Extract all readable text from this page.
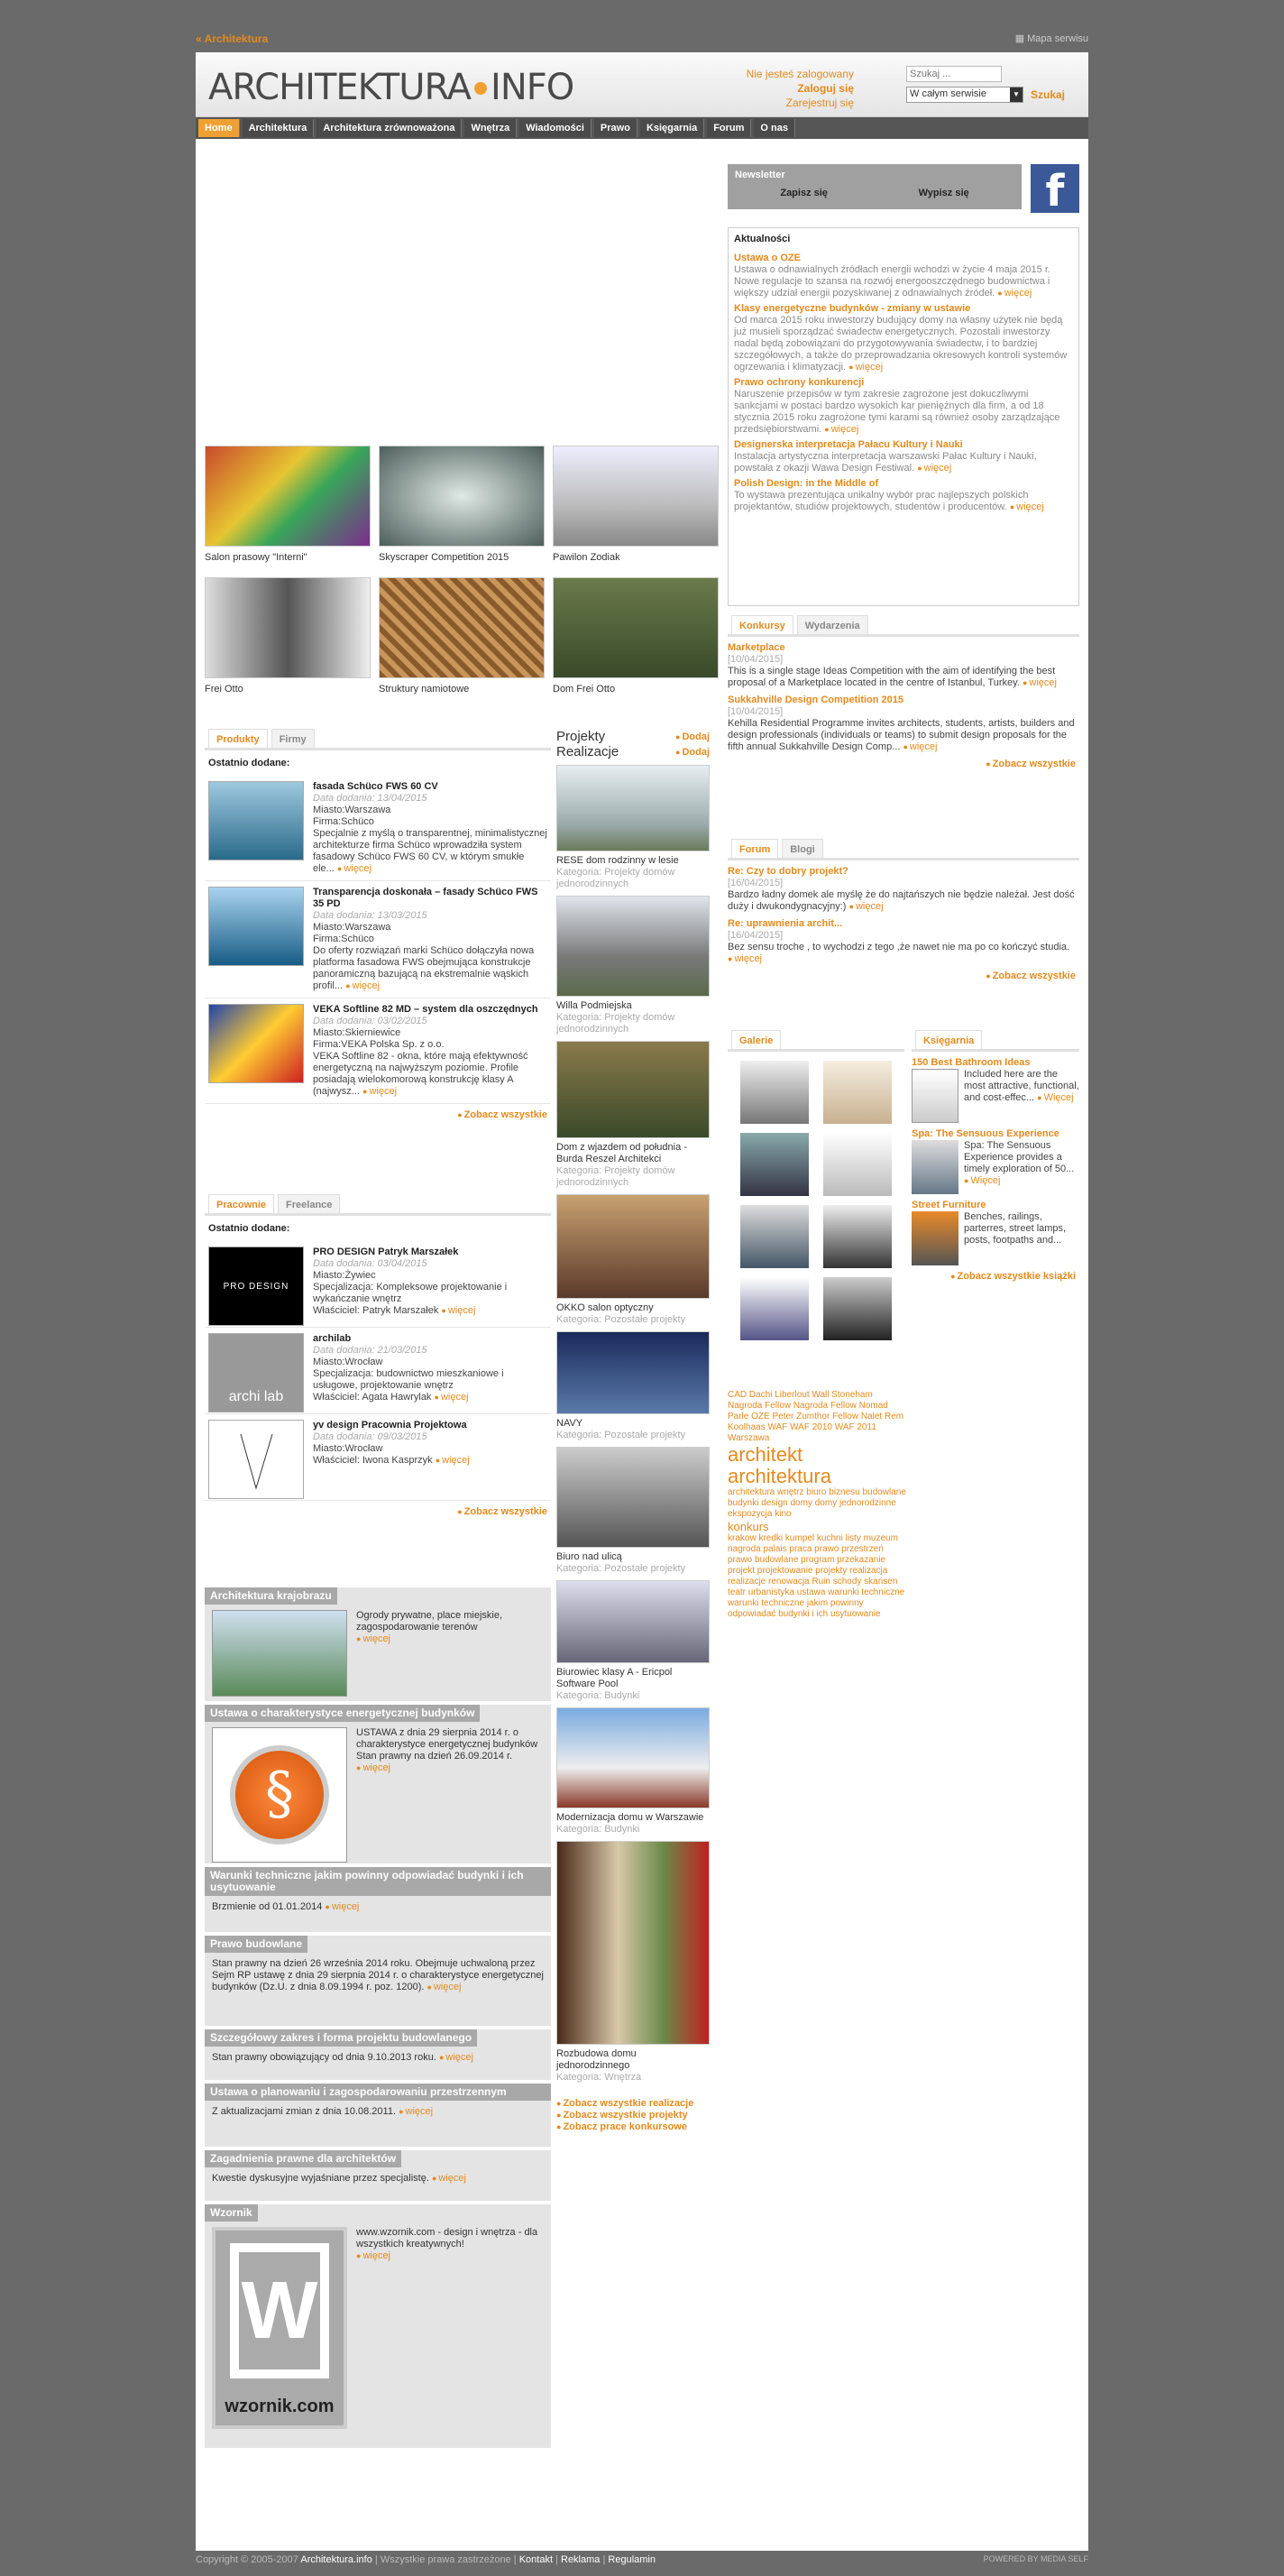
« Architektura	▦ Mapa serwisu
ARCHITEKTURA INFO	Nie jesteś zalogowany
Zaloguj się
Zarejestruj się
Szukaj ...
W całym serwisie	▼ Szukaj
Home	Architektura	Architektura zrównoważona	Wnętrza	Wiadomości	Prawo	Księgarnia	Forum	O nas
Salon prasowy "Interni"	Skyscraper Competition 2015	Pawilon Zodiak
Frei Otto	Struktury namiotowe	Dom Frei Otto
Produkty	Firmy
Ostatnio dodane:
fasada Schüco FWS 60 CV
Data dodania: 13/04/2015
Miasto:Warszawa
Firma:Schüco
Specjalnie z myślą o transparentnej, minimalistycznej architekturze firma Schüco wprowadziła system fasadowy Schüco FWS 60 CV, w którym smukłe ele... ● więcej
Transparencja doskonała – fasady Schüco FWS 35 PD
Data dodania: 13/03/2015
Miasto:Warszawa
Firma:Schüco
Do oferty rozwiązań marki Schüco dołączyła nowa platforma fasadowa FWS obejmująca konstrukcje panoramiczną bazującą na ekstremalnie wąskich profil... ● więcej
VEKA Softline 82 MD – system dla oszczędnych
Data dodania: 03/02/2015
Miasto:Skierniewice
Firma:VEKA Polska Sp. z o.o.
VEKA Softline 82 - okna, które mają efektywność energetyczną na najwyższym poziomie. Profile posiadają wielokomorową konstrukcję klasy A (najwysz... ● więcej
● Zobacz wszystkie
Pracownie	Freelance
Ostatnio dodane:
PRO DESIGN
PRO DESIGN Patryk Marszałek
Data dodania: 03/04/2015
Miasto:Żywiec
Specjalizacja: Kompleksowe projektowanie i wykańczanie wnętrz
Właściciel: Patryk Marszałek ● więcej
archi lab
archilab
Data dodania: 21/03/2015
Miasto:Wrocław
Specjalizacja: budownictwo mieszkaniowe i usługowe, projektowanie wnętrz
Właściciel: Agata Hawrylak ● więcej
yv design Pracownia Projektowa
Data dodania: 09/03/2015
Miasto:Wrocław
Właściciel: Iwona Kasprzyk ● więcej
● Zobacz wszystkie
Architektura krajobrazu
Ogrody prywatne, place miejskie, zagospodarowanie terenów
● więcej
Ustawa o charakterystyce energetycznej budynków
§
USTAWA z dnia 29 sierpnia 2014 r. o charakterystyce energetycznej budynków Stan prawny na dzień 26.09.2014 r. ● więcej
Warunki techniczne jakim powinny odpowiadać budynki i ich usytuowanie
Brzmienie od 01.01.2014 ● więcej
Prawo budowlane
Stan prawny na dzień 26 września 2014 roku. Obejmuje uchwaloną przez Sejm RP ustawę z dnia 29 sierpnia 2014 r. o charakterystyce energetycznej budynków (Dz.U. z dnia 8.09.1994 r. poz. 1200). ● więcej
Szczegółowy zakres i forma projektu budowlanego
Stan prawny obowiązujący od dnia 9.10.2013 roku. ● więcej
Ustawa o planowaniu i zagospodarowaniu przestrzennym
Z aktualizacjami zmian z dnia 10.08.2011. ● więcej
Zagadnienia prawne dla architektów
Kwestie dyskusyjne wyjaśniane przez specjalistę. ● więcej
Wzornik
W
wzornik.com
www.wzornik.com - design i wnętrza - dla wszystkich kreatywnych!
● więcej
Projekty	● Dodaj
Realizacje	● Dodaj
RESE dom rodzinny w lesie
Kategoria: Projekty domów jednorodzinnych
Willa Podmiejska
Kategoria: Projekty domów jednorodzinnych
Dom z wjazdem od południa -Burda Reszel Architekci
Kategoria: Projekty domów jednorodzinnych
OKKO salon optyczny
Kategoria: Pozostałe projekty
NAVY
Kategoria: Pozostałe projekty
Biuro nad ulicą
Kategoria: Pozostałe projekty
Biurowiec klasy A - Ericpol Software Pool
Kategoria: Budynki
Modernizacja domu w Warszawie
Kategoria: Budynki
Rozbudowa domu jednorodzinnego
Kategoria: Wnętrza
● Zobacz wszystkie realizacje
● Zobacz wszystkie projekty
● Zobacz prace konkursowe
Newsletter
Zapisz się	Wypisz się	f
Aktualności
Ustawa o OZE
Ustawa o odnawialnych źródłach energii wchodzi w życie 4 maja 2015 r. Nowe regulacje to szansa na rozwój energooszczędnego budownictwa i większy udział energii pozyskiwanej z odnawialnych źródeł. ● więcej
Klasy energetyczne budynków - zmiany w ustawie
Od marca 2015 roku inwestorzy budujący domy na własny użytek nie będą już musieli sporządzać świadectw energetycznych. Pozostali inwestorzy nadal będą zobowiązani do przygotowywania świadectw, i to bardziej szczegółowych, a także do przeprowadzania okresowych kontroli systemów ogrzewania i klimatyzacji. ● więcej
Prawo ochrony konkurencji
Naruszenie przepisów w tym zakresie zagrożone jest dokuczliwymi sankcjami w postaci bardzo wysokich kar pieniężnych dla firm, a od 18 stycznia 2015 roku zagrożone tymi karami są również osoby zarządzające przedsiębiorstwami. ● więcej
Designerska interpretacja Pałacu Kultury i Nauki
Instalacja artystyczna interpretacja warszawski Pałac Kultury i Nauki, powstała z okazji Wawa Design Festiwal. ● więcej
Polish Design: in the Middle of
To wystawa prezentująca unikalny wybór prac najlepszych polskich projektantów, studiów projektowych, studentów i producentów. ● więcej
Konkursy	Wydarzenia
Marketplace
[10/04/2015]
This is a single stage Ideas Competition with the aim of identifying the best proposal of a Marketplace located in the centre of Istanbul, Turkey. ● więcej
Sukkahville Design Competition 2015
[10/04/2015]
Kehilla Residential Programme invites architects, students, artists, builders and design professionals (individuals or teams) to submit design proposals for the fifth annual Sukkahville Design Comp... ● więcej
● Zobacz wszystkie
Forum	Blogi
Re: Czy to dobry projekt?
[16/04/2015]
Bardzo ładny domek ale myślę że do najtańszych nie będzie należał. Jest dość duży i dwukondygnacyjny:) ● więcej
Re: uprawnienia archit...
[16/04/2015]
Bez sensu troche , to wychodzi z tego ,że nawet nie ma po co kończyć studia. ● więcej
● Zobacz wszystkie
Galerie	Księgarnia
150 Best Bathroom Ideas
Included here are the most attractive, functional, and cost-effec... ● Więcej
Spa: The Sensuous Experience
Spa: The Sensuous Experience provides a timely exploration of 50... ● Więcej
Street Furniture
Benches, railings, parterres, street lamps, posts, footpaths and...
● Zobacz wszystkie książki
CAD Dachi Liberlout Wall Stoneham Nagroda Fellow Nagroda Fellow Nomad Parle OZE Peter Zumthor Fellow Nalet Rem Koolhaas WAF WAF 2010 WAF 2011 Warszawa
architekt
architektura
architektura wnętrz biuro biznesu budowlane budynki design domy domy jednorodzinne ekspozycja kino
konkurs
krakow kredki kumpel kuchni listy muzeum nagroda palais praca prawo przestrzeń prawo budowlane program przekazanie projekt projektowanie projekty realizacja realizacje renowacja Ruin schody skansen teatr urbanistyka ustawa warunki techniczne warunki techniczne jakim powinny odpowiadać budynki i ich usytuowanie
Copyright © 2005-2007 Architektura.info | Wszystkie prawa zastrzeżone | Kontakt | Reklama | Regulamin	POWERED BY MEDIA SELF
